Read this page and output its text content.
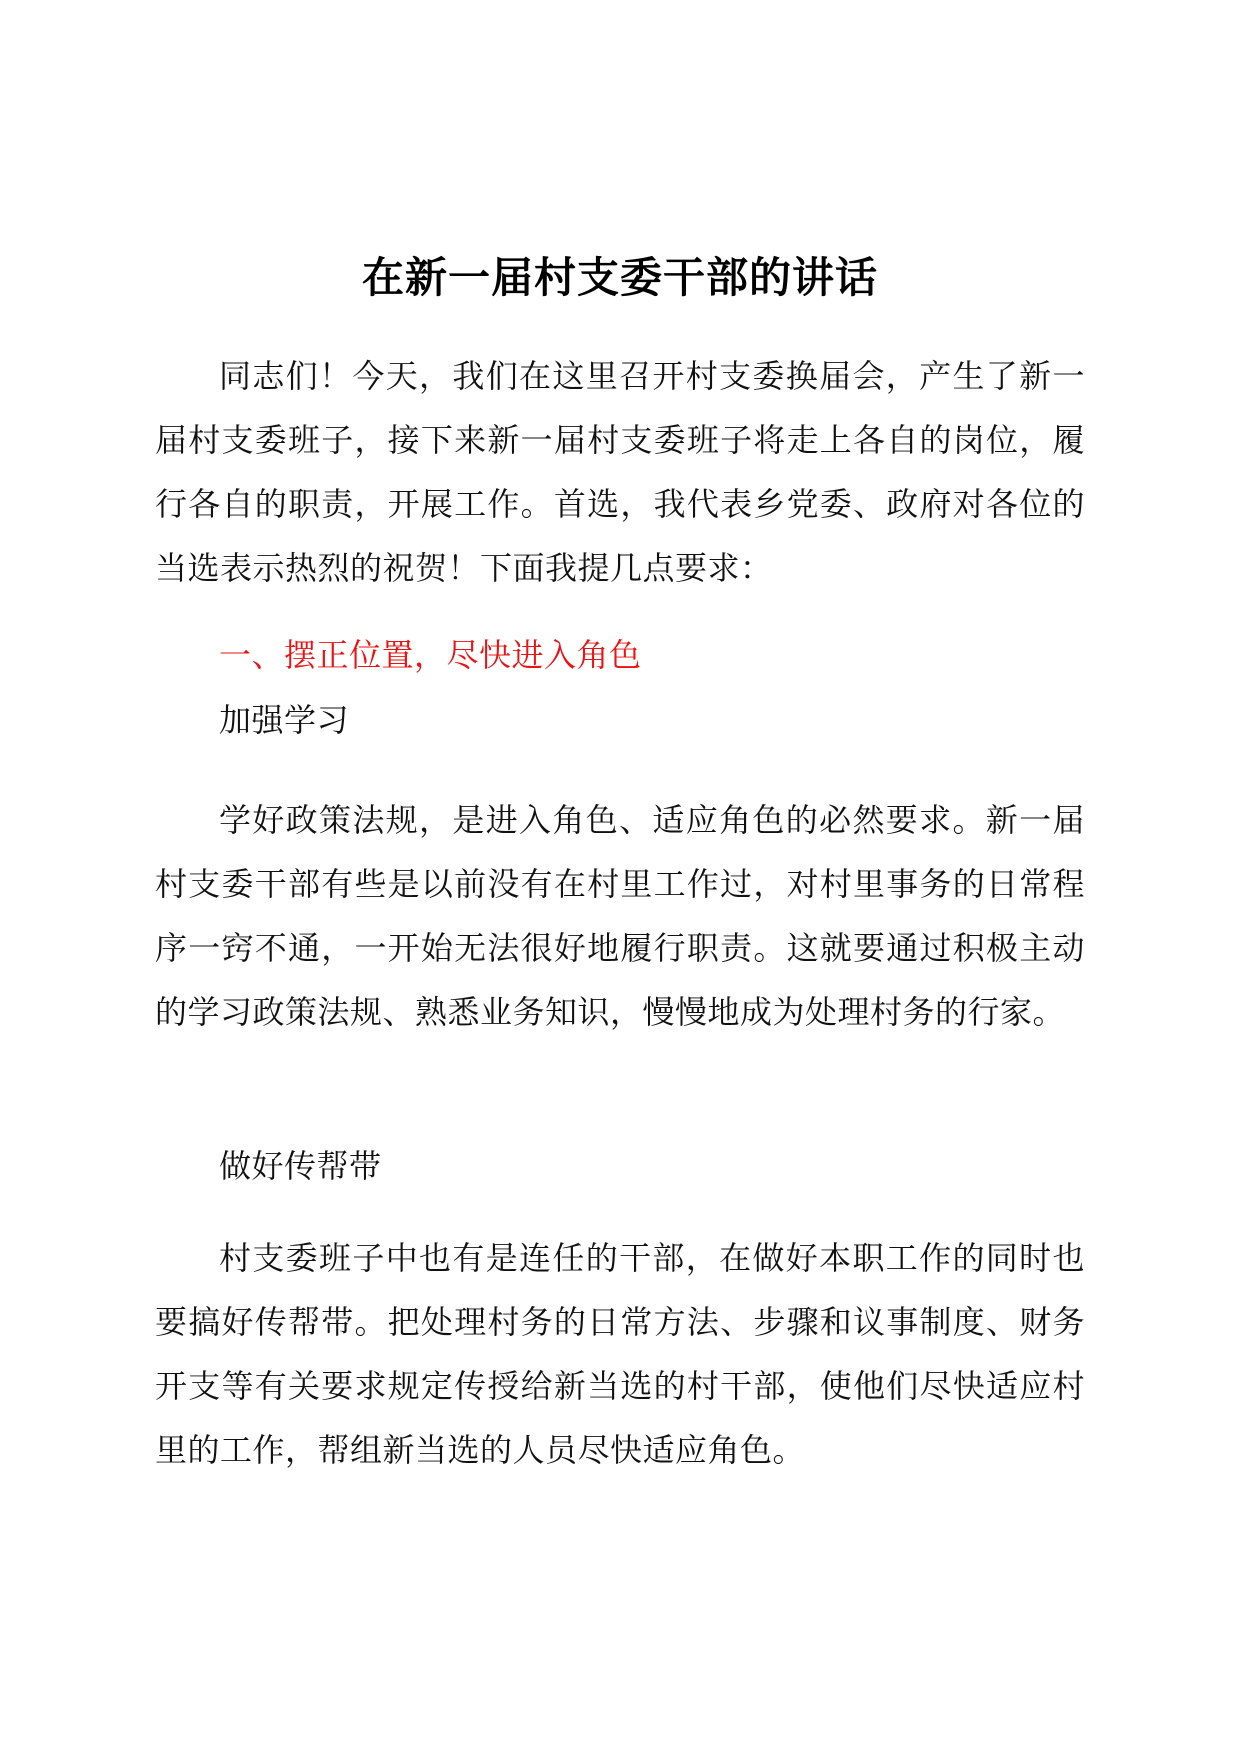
在新一届村支委干部的讲话
同志们！今天，我们在这里召开村支委换届会，产生了新一届村支委班子，接下来新一届村支委班子将走上各自的岗位，履行各自的职责，开展工作。首选，我代表乡党委、政府对各位的当选表示热烈的祝贺！下面我提几点要求：
一、摆正位置，尽快进入角色
加强学习
学好政策法规，是进入角色、适应角色的必然要求。新一届村支委干部有些是以前没有在村里工作过，对村里事务的日常程序一窍不通，一开始无法很好地履行职责。这就要通过积极主动的学习政策法规、熟悉业务知识，慢慢地成为处理村务的行家。
做好传帮带
村支委班子中也有是连任的干部，在做好本职工作的同时也要搞好传帮带。把处理村务的日常方法、步骤和议事制度、财务开支等有关要求规定传授给新当选的村干部，使他们尽快适应村里的工作，帮组新当选的人员尽快适应角色。
